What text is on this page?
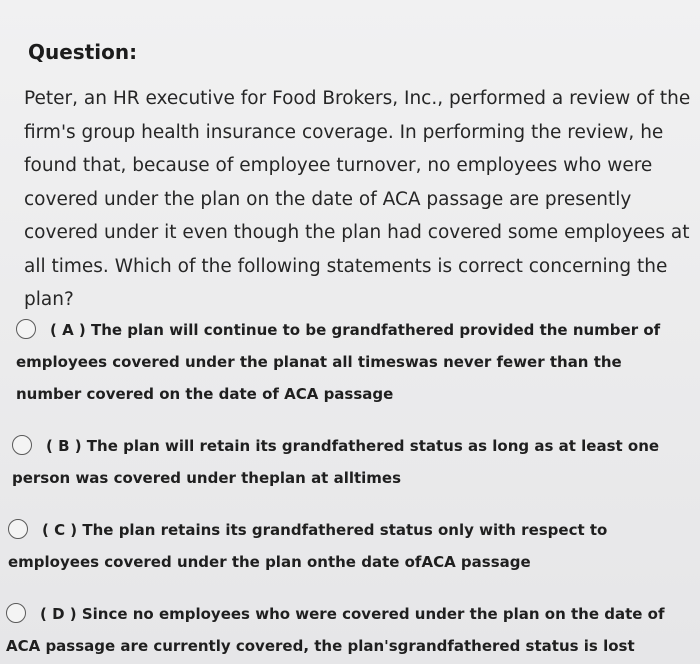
Question:
Peter, an HR executive for Food Brokers, Inc., performed a review of the firm's group health insurance coverage. In performing the review, he found that, because of employee turnover, no employees who were covered under the plan on the date of ACA passage are presently covered under it even though the plan had covered some employees at all times. Which of the following statements is correct concerning the plan?
( A ) The plan will continue to be grandfathered provided the number of employees covered under the planat all timeswas never fewer than the number covered on the date of ACA passage
( B ) The plan will retain its grandfathered status as long as at least one person was covered under theplan at alltimes
( C ) The plan retains its grandfathered status only with respect to employees covered under the plan onthe date ofACA passage
( D ) Since no employees who were covered under the plan on the date of ACA passage are currently covered, the plan'sgrandfathered status is lost
